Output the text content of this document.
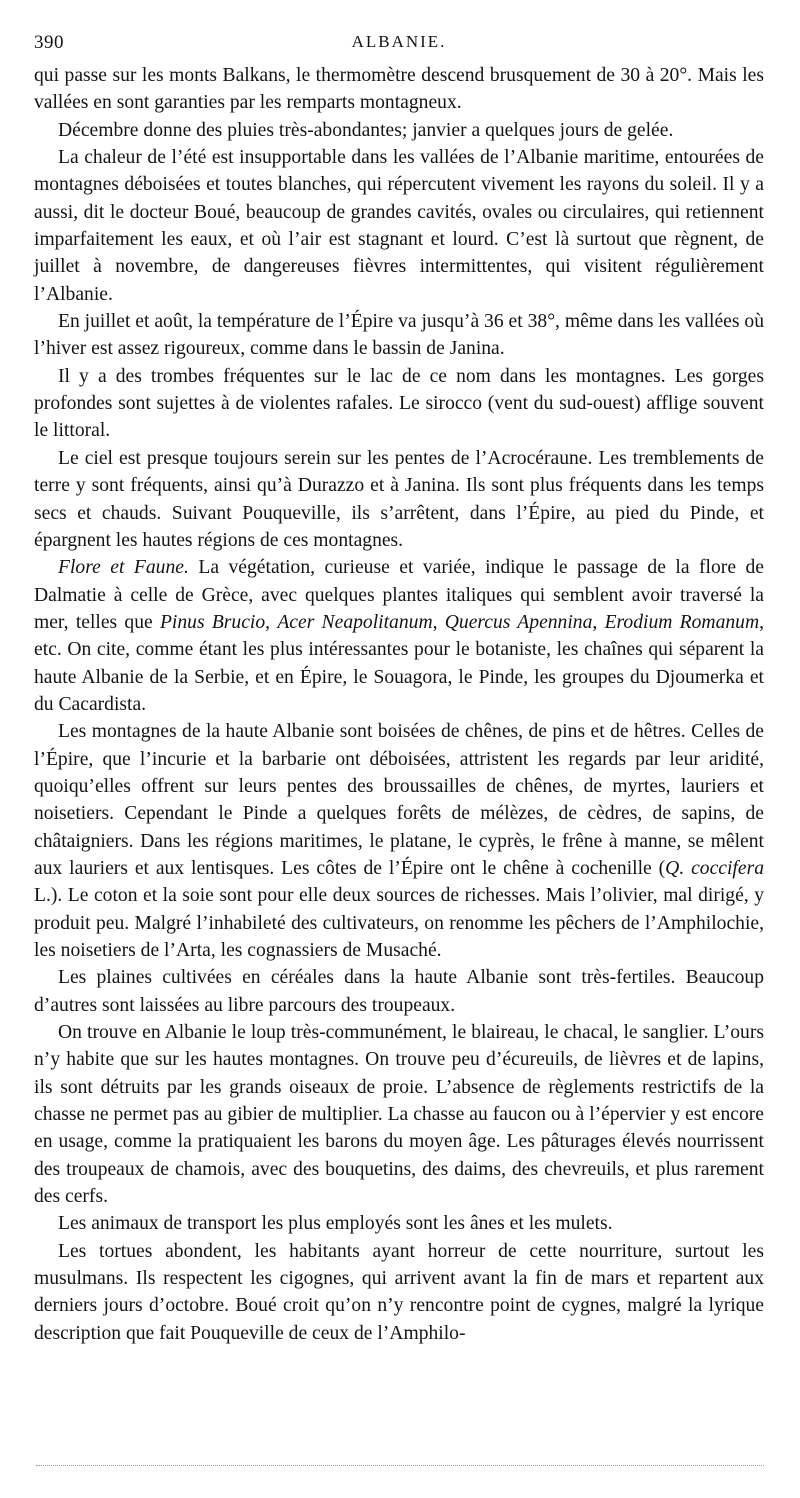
390	ALBANIE.

qui passe sur les monts Balkans, le thermomètre descend brusquement de 30 à 20°. Mais les vallées en sont garanties par les remparts montagneux.

Décembre donne des pluies très-abondantes; janvier a quelques jours de gelée.

La chaleur de l’été est insupportable dans les vallées de l’Albanie maritime, entourées de montagnes déboisées et toutes blanches, qui répercutent vivement les rayons du soleil. Il y a aussi, dit le docteur Boué, beaucoup de grandes cavités, ovales ou circulaires, qui retiennent imparfaitement les eaux, et où l’air est stagnant et lourd. C’est là surtout que règnent, de juillet à novembre, de dangereuses fièvres intermittentes, qui visitent régulièrement l’Albanie.

En juillet et août, la température de l’Épire va jusqu’à 36 et 38°, même dans les vallées où l’hiver est assez rigoureux, comme dans le bassin de Janina.

Il y a des trombes fréquentes sur le lac de ce nom dans les montagnes. Les gorges profondes sont sujettes à de violentes rafales. Le sirocco (vent du sud-ouest) afflige souvent le littoral.

Le ciel est presque toujours serein sur les pentes de l’Acrocéraune. Les tremblements de terre y sont fréquents, ainsi qu’à Durazzo et à Janina. Ils sont plus fréquents dans les temps secs et chauds. Suivant Pouqueville, ils s’arrêtent, dans l’Épire, au pied du Pinde, et épargnent les hautes régions de ces montagnes.

Flore et Faune. La végétation, curieuse et variée, indique le passage de la flore de Dalmatie à celle de Grèce, avec quelques plantes italiques qui semblent avoir traversé la mer, telles que Pinus Brucio, Acer Neapolitanum, Quercus Apennina, Erodium Romanum, etc. On cite, comme étant les plus intéressantes pour le botaniste, les chaînes qui séparent la haute Albanie de la Serbie, et en Épire, le Souagora, le Pinde, les groupes du Djoumerka et du Cacardista.

Les montagnes de la haute Albanie sont boisées de chênes, de pins et de hêtres. Celles de l’Épire, que l’incurie et la barbarie ont déboisées, attristent les regards par leur aridité, quoiqu’elles offrent sur leurs pentes des broussailles de chênes, de myrtes, lauriers et noisetiers. Cependant le Pinde a quelques forêts de mélèzes, de cèdres, de sapins, de châtaigniers. Dans les régions maritimes, le platane, le cyprès, le frêne à manne, se mêlent aux lauriers et aux lentisques. Les côtes de l’Épire ont le chêne à cochenille (Q. coccifera L.). Le coton et la soie sont pour elle deux sources de richesses. Mais l’olivier, mal dirigé, y produit peu. Malgré l’inhabileté des cultivateurs, on renomme les pêchers de l’Amphilochie, les noisetiers de l’Arta, les cognassiers de Musaché.

Les plaines cultivées en céréales dans la haute Albanie sont très-fertiles. Beaucoup d’autres sont laissées au libre parcours des troupeaux.

On trouve en Albanie le loup très-communément, le blaireau, le chacal, le sanglier. L’ours n’y habite que sur les hautes montagnes. On trouve peu d’écureuils, de lièvres et de lapins, ils sont détruits par les grands oiseaux de proie. L’absence de règlements restrictifs de la chasse ne permet pas au gibier de multiplier. La chasse au faucon ou à l’épervier y est encore en usage, comme la pratiquaient les barons du moyen âge. Les pâturages élevés nourrissent des troupeaux de chamois, avec des bouquetins, des daims, des chevreuils, et plus rarement des cerfs.

Les animaux de transport les plus employés sont les ânes et les mulets.

Les tortues abondent, les habitants ayant horreur de cette nourriture, surtout les musulmans. Ils respectent les cigognes, qui arrivent avant la fin de mars et repartent aux derniers jours d’octobre. Boué croit qu’on n’y rencontre point de cygnes, malgré la lyrique description que fait Pouqueville de ceux de l’Amphilo-
